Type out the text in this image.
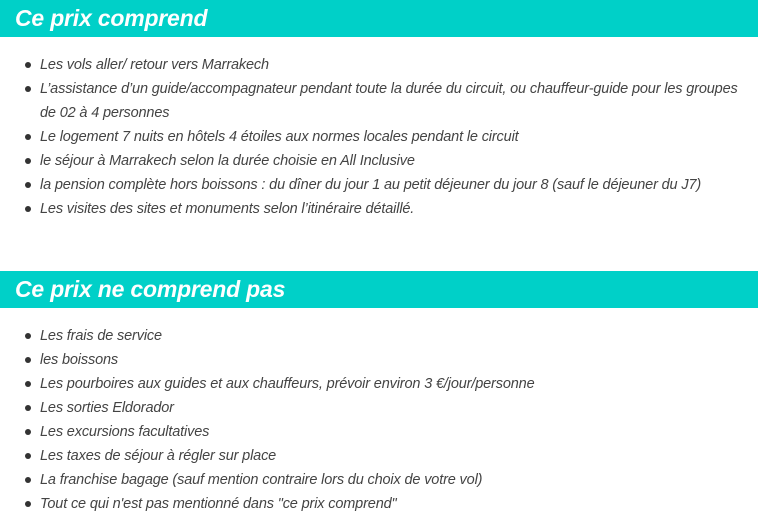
Ce prix comprend
Les vols aller/ retour vers Marrakech
L’assistance d’un guide/accompagnateur pendant toute la durée du circuit, ou chauffeur-guide pour les groupes de 02 à 4 personnes
Le logement 7 nuits en hôtels 4 étoiles aux normes locales pendant le circuit
le séjour à Marrakech selon la durée choisie en All Inclusive
la pension complète hors boissons : du dîner du jour 1 au petit déjeuner du jour 8 (sauf le déjeuner du J7)
Les visites des sites et monuments selon l’itinéraire détaillé.
Ce prix ne comprend pas
Les frais de service
les boissons
Les pourboires aux guides et aux chauffeurs, prévoir environ 3 €/jour/personne
Les sorties Eldorador
Les excursions facultatives
Les taxes de séjour à régler sur place
La franchise bagage (sauf mention contraire lors du choix de votre vol)
Tout ce qui n'est pas mentionné dans "ce prix comprend"
